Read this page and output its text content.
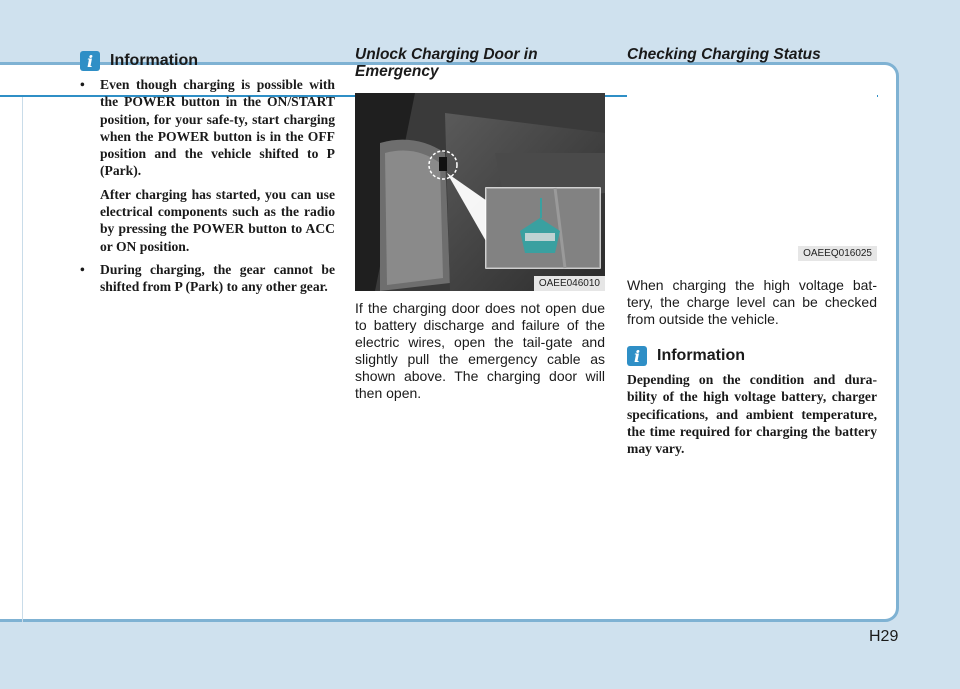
i	Information

• Even though charging is possible with the POWER button in the ON/START position, for your safe-ty, start charging when the POWER button is in the OFF position and the vehicle shifted to P (Park).

After charging has started, you can use electrical components such as the radio by pressing the POWER button to ACC or ON position.

• During charging, the gear cannot be shifted from P (Park) to any other gear.

Unlock Charging Door in Emergency
OAEE046010

If the charging door does not open due to battery discharge and failure of the electric wires, open the tail-gate and slightly pull the emergency cable as shown above. The charging door will then open.

Checking Charging Status
OAEEQ016025

When charging the high voltage bat-tery, the charge level can be checked from outside the vehicle.

i	Information

Depending on the condition and dura-bility of the high voltage battery, charger specifications, and ambient temperature, the time required for charging the battery may vary.

H29
